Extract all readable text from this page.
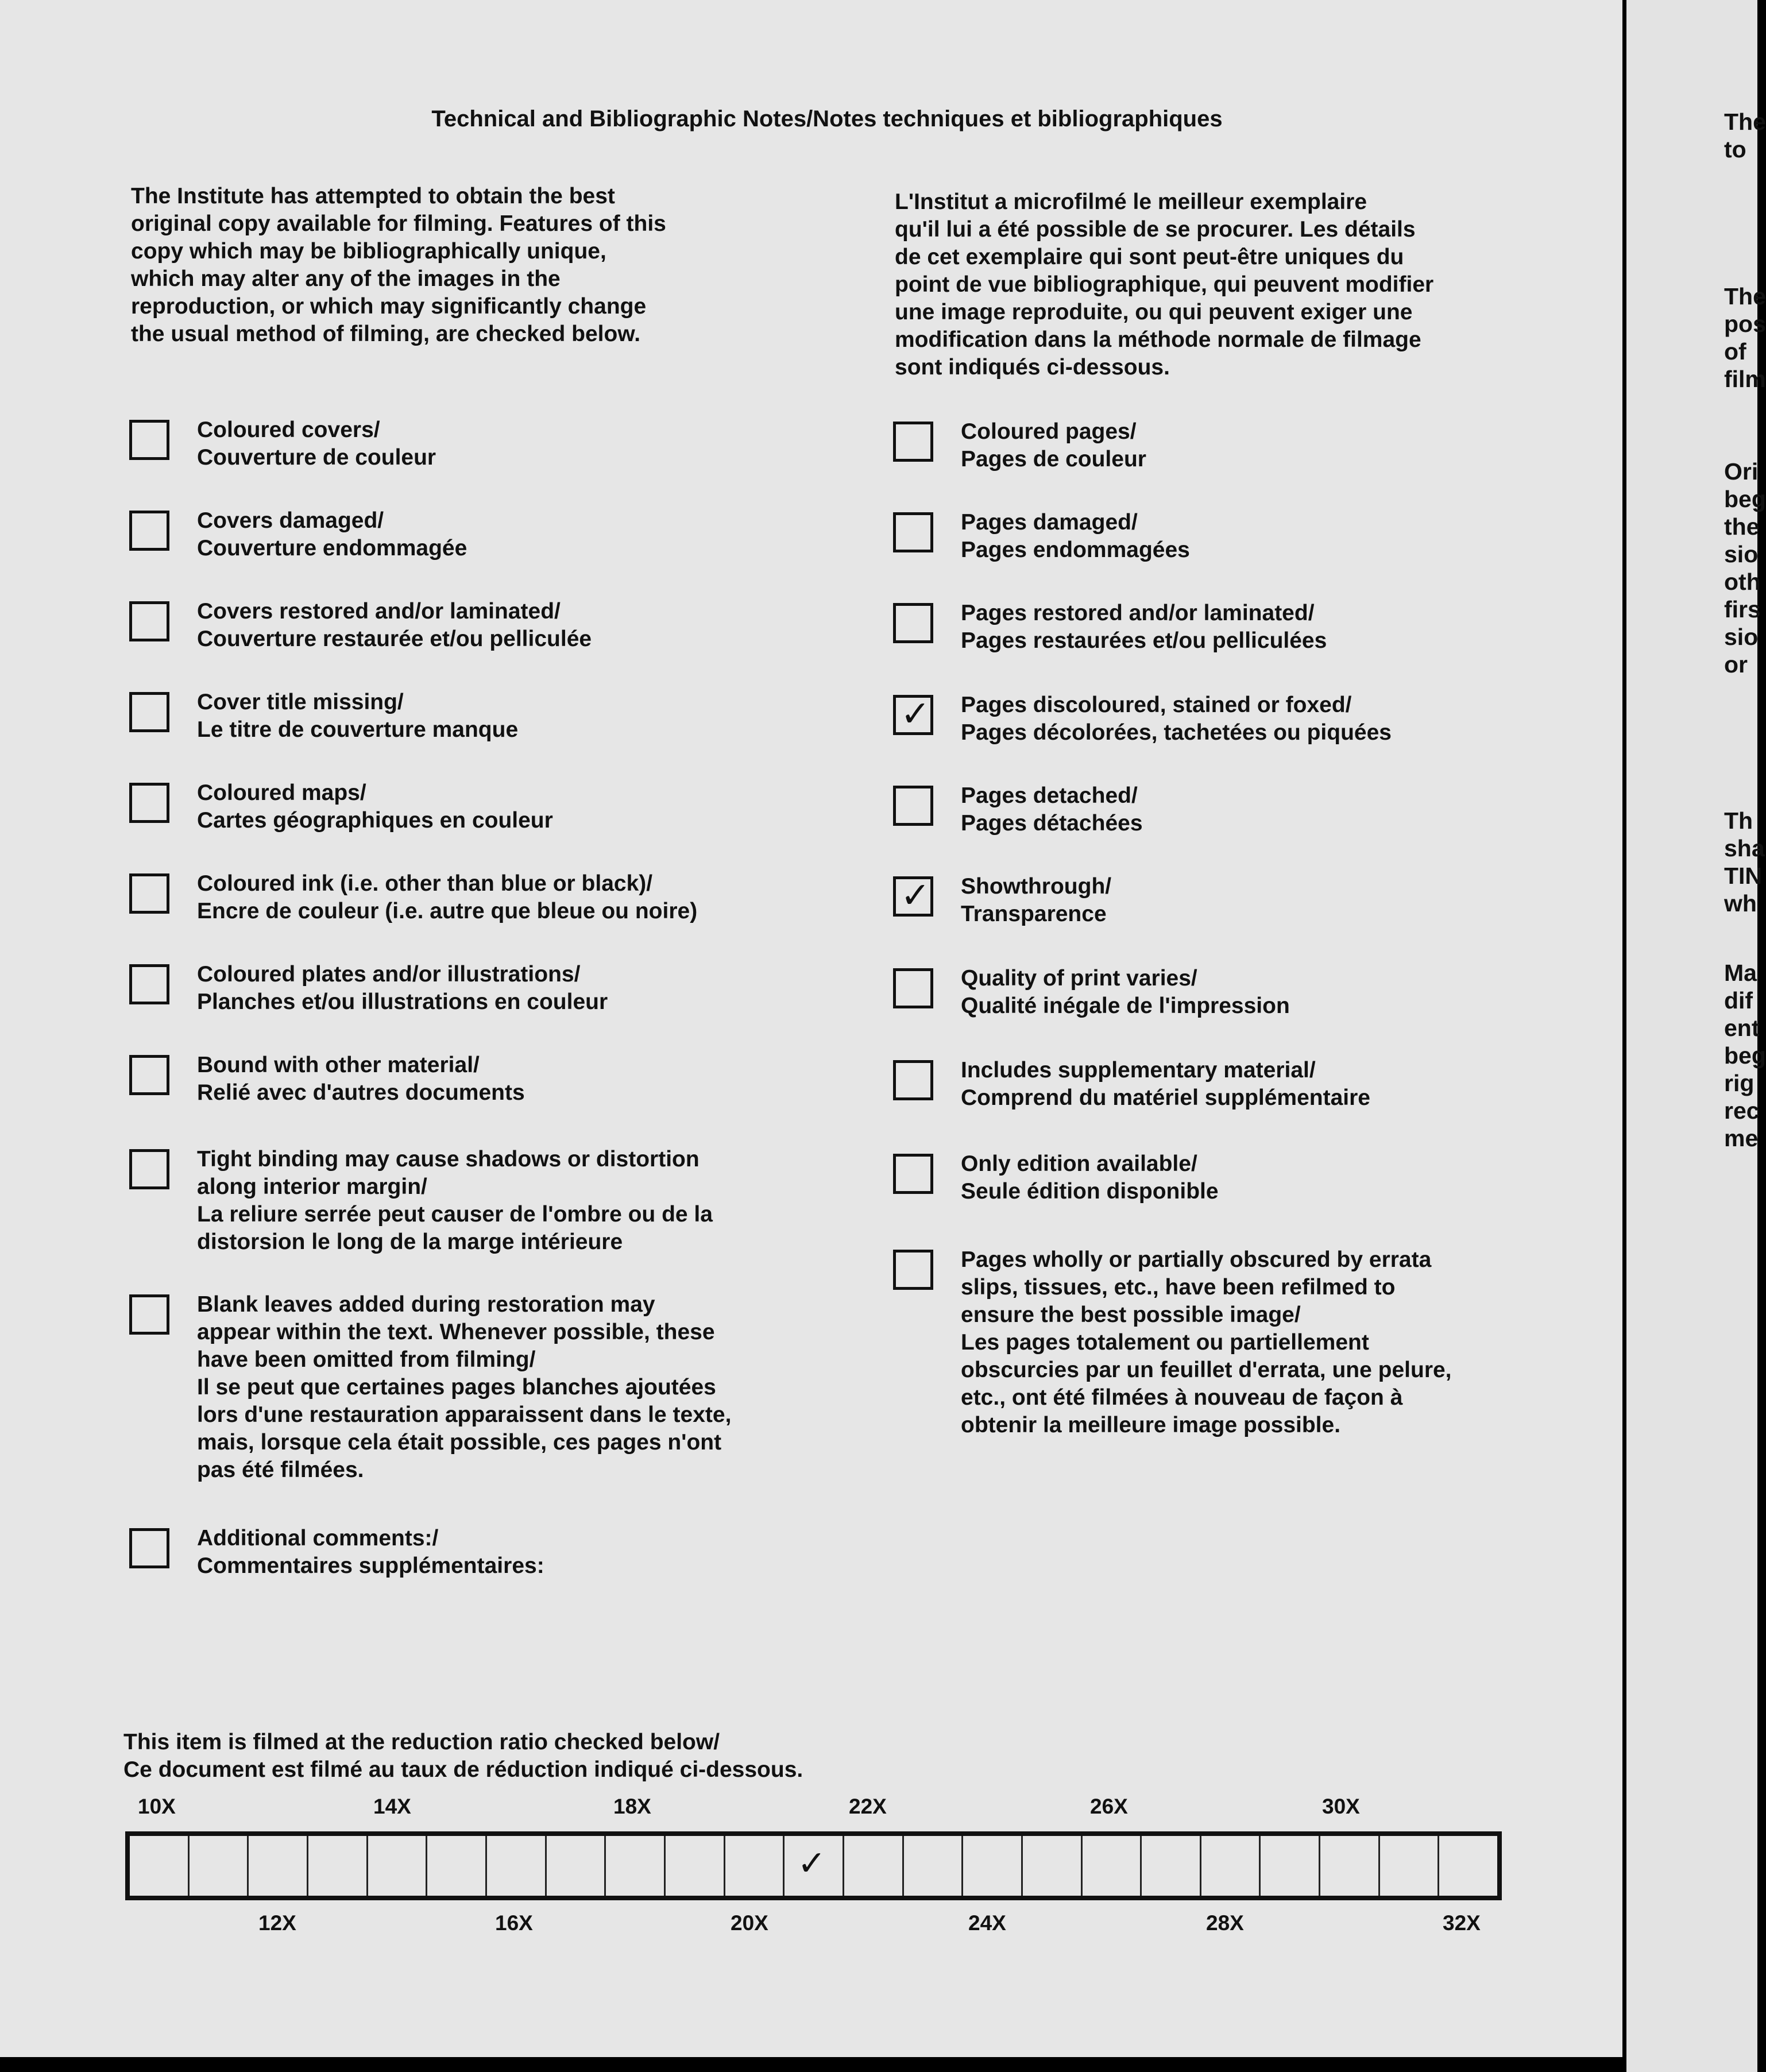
Technical and Bibliographic Notes/Notes techniques et bibliographiques
The Institute has attempted to obtain the best
original copy available for filming. Features of this
copy which may be bibliographically unique,
which may alter any of the images in the
reproduction, or which may significantly change
the usual method of filming, are checked below.
L'Institut a microfilmé le meilleur exemplaire
qu'il lui a été possible de se procurer. Les détails
de cet exemplaire qui sont peut-être uniques du
point de vue bibliographique, qui peuvent modifier
une image reproduite, ou qui peuvent exiger une
modification dans la méthode normale de filmage
sont indiqués ci-dessous.
Coloured covers/
Couverture de couleur
Covers damaged/
Couverture endommagée
Covers restored and/or laminated/
Couverture restaurée et/ou pelliculée
Cover title missing/
Le titre de couverture manque
Coloured maps/
Cartes géographiques en couleur
Coloured ink (i.e. other than blue or black)/
Encre de couleur (i.e. autre que bleue ou noire)
Coloured plates and/or illustrations/
Planches et/ou illustrations en couleur
Bound with other material/
Relié avec d'autres documents
Tight binding may cause shadows or distortion
along interior margin/
La reliure serrée peut causer de l'ombre ou de la
distorsion le long de la marge intérieure
Blank leaves added during restoration may
appear within the text. Whenever possible, these
have been omitted from filming/
Il se peut que certaines pages blanches ajoutées
lors d'une restauration apparaissent dans le texte,
mais, lorsque cela était possible, ces pages n'ont
pas été filmées.
Additional comments:/
Commentaires supplémentaires:
Coloured pages/
Pages de couleur
Pages damaged/
Pages endommagées
Pages restored and/or laminated/
Pages restaurées et/ou pelliculées
✓ Pages discoloured, stained or foxed/
Pages décolorées, tachetées ou piquées
Pages detached/
Pages détachées
✓ Showthrough/
Transparence
Quality of print varies/
Qualité inégale de l'impression
Includes supplementary material/
Comprend du matériel supplémentaire
Only edition available/
Seule édition disponible
Pages wholly or partially obscured by errata
slips, tissues, etc., have been refilmed to
ensure the best possible image/
Les pages totalement ou partiellement
obscurcies par un feuillet d'errata, une pelure,
etc., ont été filmées à nouveau de façon à
obtenir la meilleure image possible.
This item is filmed at the reduction ratio checked below/
Ce document est filmé au taux de réduction indiqué ci-dessous.
10X	14X	18X	22X	26X	30X
✓
12X	16X	20X	24X	28X	32X
The
to
The
pos
of
film
Ori
beg
the
sio
oth
firs
sio
or
Th
sha
TIN
wh
Ma
dif
ent
beg
rig
rec
me
